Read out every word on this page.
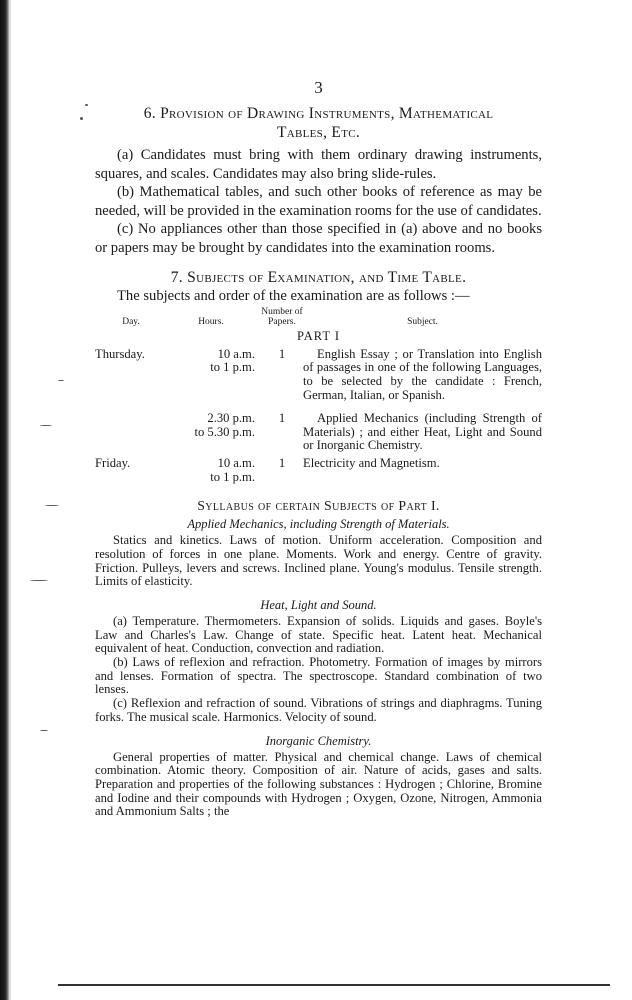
3
6. Provision of Drawing Instruments, Mathematical
Tables, Etc.

(a) Candidates must bring with them ordinary drawing instruments, squares, and scales. Candidates may also bring slide-rules.

(b) Mathematical tables, and such other books of reference as may be needed, will be provided in the examination rooms for the use of candidates.

(c) No appliances other than those specified in (a) above and no books or papers may be brought by candidates into the examination rooms.

7. Subjects of Examination, and Time Table.

The subjects and order of the examination are as follows :—

Day.	Hours.	Number of Papers.	Subject.
PART I			
Thursday.	10 a.m.
to 1 p.m.	1	English Essay ; or Translation into English of passages in one of the following Languages, to be selected by the candidate : French, German, Italian, or Spanish.

	2.30 p.m.
to 5.30 p.m.	1	Applied Mechanics (including Strength of Materials) ; and either Heat, Light and Sound or Inorganic Chemistry.

Friday.	10 a.m.
to 1 p.m.	1	Electricity and Magnetism.
Syllabus of certain Subjects of Part I.
Applied Mechanics, including Strength of Materials.

Statics and kinetics. Laws of motion. Uniform acceleration. Composition and resolution of forces in one plane. Moments. Work and energy. Centre of gravity. Friction. Pulleys, levers and screws. Inclined plane. Young's modulus. Tensile strength. Limits of elasticity.

Heat, Light and Sound.

(a) Temperature. Thermometers. Expansion of solids. Liquids and gases. Boyle's Law and Charles's Law. Change of state. Specific heat. Latent heat. Mechanical equivalent of heat. Conduction, convection and radiation.

(b) Laws of reflexion and refraction. Photometry. Formation of images by mirrors and lenses. Formation of spectra. The spectroscope. Standard combination of two lenses.

(c) Reflexion and refraction of sound. Vibrations of strings and diaphragms. Tuning forks. The musical scale. Harmonics. Velocity of sound.

Inorganic Chemistry.

General properties of matter. Physical and chemical change. Laws of chemical combination. Atomic theory. Composition of air. Nature of acids, gases and salts. Preparation and properties of the following substances : Hydrogen ; Chlorine, Bromine and Iodine and their compounds with Hydrogen ; Oxygen, Ozone, Nitrogen, Ammonia and Ammonium Salts ; the
